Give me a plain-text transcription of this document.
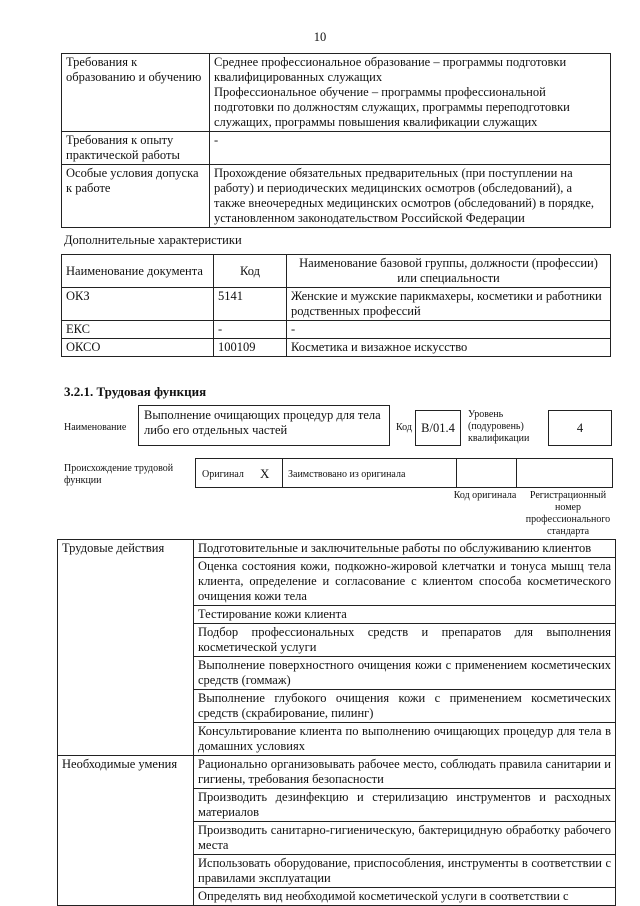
10
Требования к образованию и обучению	Среднее профессиональное образование – программы подготовки квалифицированных служащих
Профессиональное обучение – программы профессиональной подготовки по должностям служащих, программы переподготовки служащих, программы повышения квалификации служащих

Требования к опыту практической работы	-
Особые условия допуска к работе	Прохождение обязательных предварительных (при поступлении на работу) и периодических медицинских осмотров (обследований), а также внеочередных медицинских осмотров (обследований) в порядке, установленном законодательством Российской Федерации
Дополнительные характеристики
Наименование документа	Код	Наименование базовой группы, должности (профессии) или специальности
ОКЗ	5141	Женские и мужские парикмахеры, косметики и работники родственных профессий
ЕКС	-	-
ОКСО	100109	Косметика и визажное искусство
3.2.1. Трудовая функция
Наименование
Выполнение очищающих процедур для тела либо его отдельных частей	Код B/01.4
Уровень (подуровень) квалификации
4
Происхождение трудовой функции
Оригинал X Заимствовано из оригинала
Код оригинала	Регистрационный номер профессионального стандарта
Трудовые действия	Подготовительные и заключительные работы по обслуживанию клиентов
	Оценка состояния кожи, подкожно-жировой клетчатки и тонуса мышц тела клиента, определение и согласование с клиентом способа косметического очищения кожи тела
	Тестирование кожи клиента
	Подбор профессиональных средств и препаратов для выполнения косметической услуги
	Выполнение поверхностного очищения кожи с применением косметических средств (гоммаж)
	Выполнение глубокого очищения кожи с применением косметических средств (скрабирование, пилинг)
	Консультирование клиента по выполнению очищающих процедур для тела в домашних условиях
Необходимые умения	Рационально организовывать рабочее место, соблюдать правила санитарии и гигиены, требования безопасности
	Производить дезинфекцию и стерилизацию инструментов и расходных материалов
	Производить санитарно-гигиеническую, бактерицидную обработку рабочего места
	Использовать оборудование, приспособления, инструменты в соответствии с правилами эксплуатации
	Определять вид необходимой косметической услуги в соответствии с
